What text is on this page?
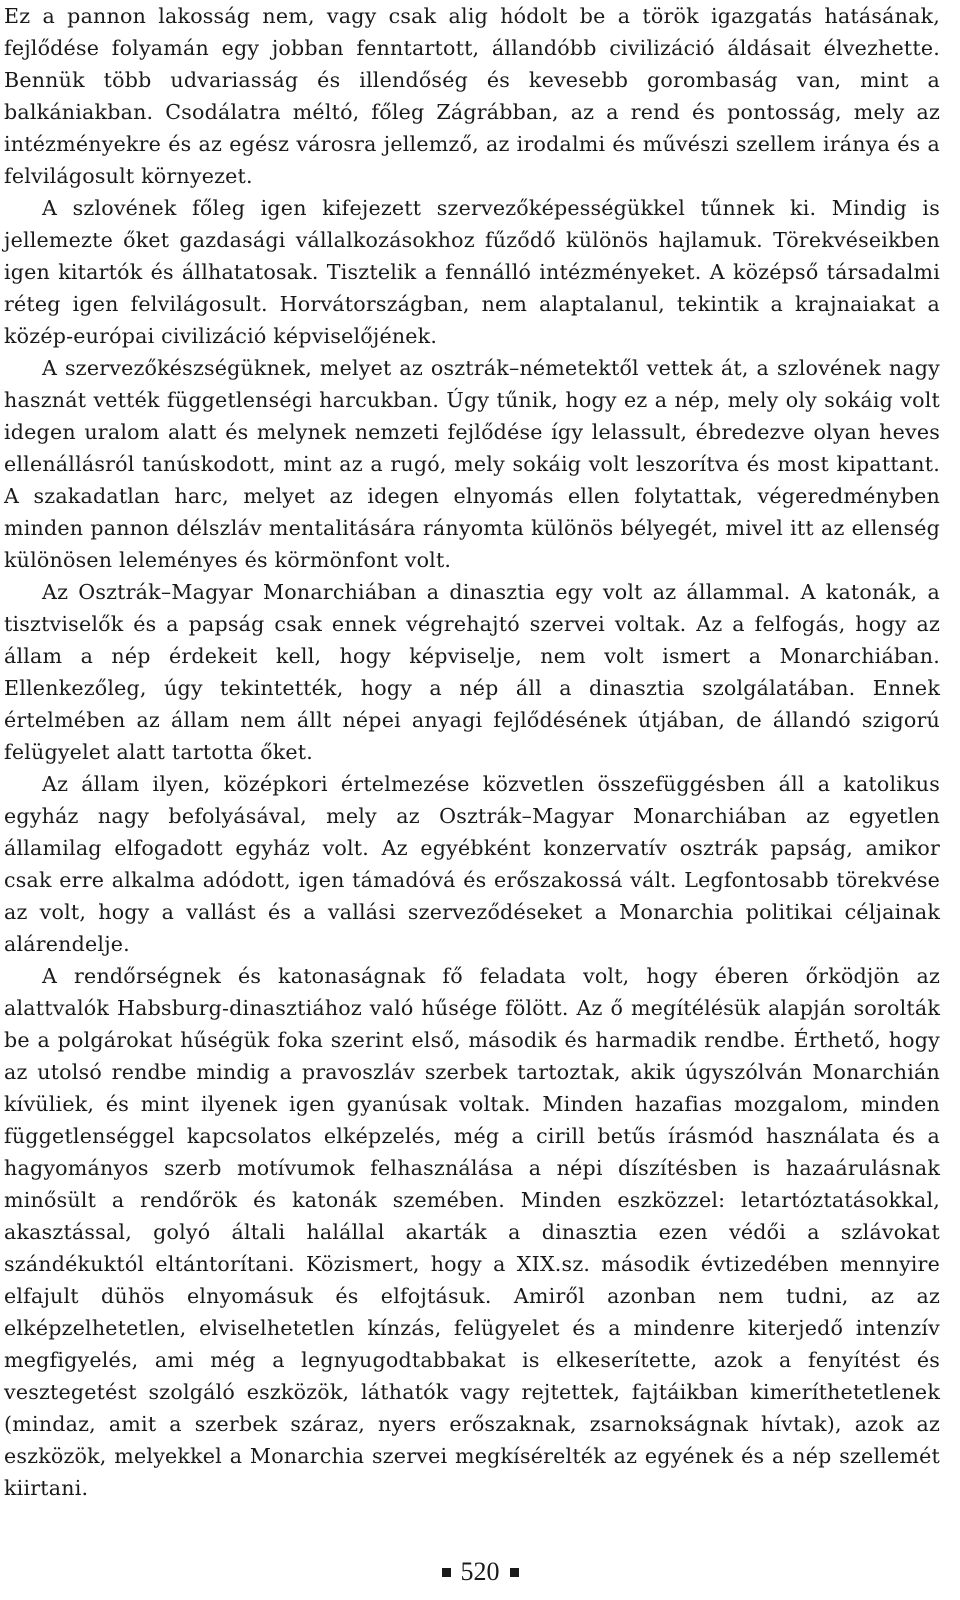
Ez a pannon lakosság nem, vagy csak alig hódolt be a török igazgatás hatásának, fejlődése folyamán egy jobban fenntartott, állandóbb civilizáció áldásait élvezhette. Bennük több udvariasság és illendőség és kevesebb gorombaság van, mint a balkániakban. Csodálatra méltó, főleg Zágrábban, az a rend és pontosság, mely az intézményekre és az egész városra jellemző, az irodalmi és művészi szellem iránya és a felvilágosult környezet.

A szlovének főleg igen kifejezett szervezőképességükkel tűnnek ki. Mindig is jellemezte őket gazdasági vállalkozásokhoz fűződő különös hajlamuk. Törekvéseikben igen kitartók és állhatatosak. Tisztelik a fennálló intézményeket. A középső társadalmi réteg igen felvilágosult. Horvátországban, nem alaptalanul, tekintik a krajnaiakat a közép-európai civilizáció képviselőjének.

A szervezőkészségüknek, melyet az osztrák–németektől vettek át, a szlovének nagy hasznát vették függetlenségi harcukban. Úgy tűnik, hogy ez a nép, mely oly sokáig volt idegen uralom alatt és melynek nemzeti fejlődése így lelassult, ébredezve olyan heves ellenállásról tanúskodott, mint az a rugó, mely sokáig volt leszorítva és most kipattant. A szakadatlan harc, melyet az idegen elnyomás ellen folytattak, végeredményben minden pannon délszláv mentalitására rányomta különös bélyegét, mivel itt az ellenség különösen leleményes és körmönfont volt.

Az Osztrák–Magyar Monarchiában a dinasztia egy volt az állammal. A katonák, a tisztviselők és a papság csak ennek végrehajtó szervei voltak. Az a felfogás, hogy az állam a nép érdekeit kell, hogy képviselje, nem volt ismert a Monarchiában. Ellenkezőleg, úgy tekintették, hogy a nép áll a dinasztia szolgálatában. Ennek értelmében az állam nem állt népei anyagi fejlődésének útjában, de állandó szigorú felügyelet alatt tartotta őket.

Az állam ilyen, középkori értelmezése közvetlen összefüggésben áll a katolikus egyház nagy befolyásával, mely az Osztrák–Magyar Monarchiában az egyetlen államilag elfogadott egyház volt. Az egyébként konzervatív osztrák papság, amikor csak erre alkalma adódott, igen támadóvá és erőszakossá vált. Legfontosabb törekvése az volt, hogy a vallást és a vallási szerveződéseket a Monarchia politikai céljainak alárendelje.

A rendőrségnek és katonaságnak fő feladata volt, hogy éberen őrködjön az alattvalók Habsburg-dinasztiához való hűsége fölött. Az ő megítélésük alapján sorolták be a polgárokat hűségük foka szerint első, második és harmadik rendbe. Érthető, hogy az utolsó rendbe mindig a pravoszláv szerbek tartoztak, akik úgyszólván Monarchián kívüliek, és mint ilyenek igen gyanúsak voltak. Minden hazafias mozgalom, minden függetlenséggel kapcsolatos elképzelés, még a cirill betűs írásmód használata és a hagyományos szerb motívumok felhasználása a népi díszítésben is hazaárulásnak minősült a rendőrök és katonák szemében. Minden eszközzel: letartóztatásokkal, akasztással, golyó általi halállal akarták a dinasztia ezen védői a szlávokat szándékuktól eltántorítani. Közismert, hogy a XIX.sz. második évtizedében mennyire elfajult dühös elnyomásuk és elfojtásuk. Amiről azonban nem tudni, az az elképzelhetetlen, elviselhetetlen kínzás, felügyelet és a mindenre kiterjedő intenzív megfigyelés, ami még a legnyugodtabbakat is elkeserítette, azok a fenyítést és vesztegetést szolgáló eszközök, láthatók vagy rejtettek, fajtáikban kimeríthetetlenek (mindaz, amit a szerbek száraz, nyers erőszaknak, zsarnokságnak hívtak), azok az eszközök, melyekkel a Monarchia szervei megkísérelték az egyének és a nép szellemét kiirtani.

520
